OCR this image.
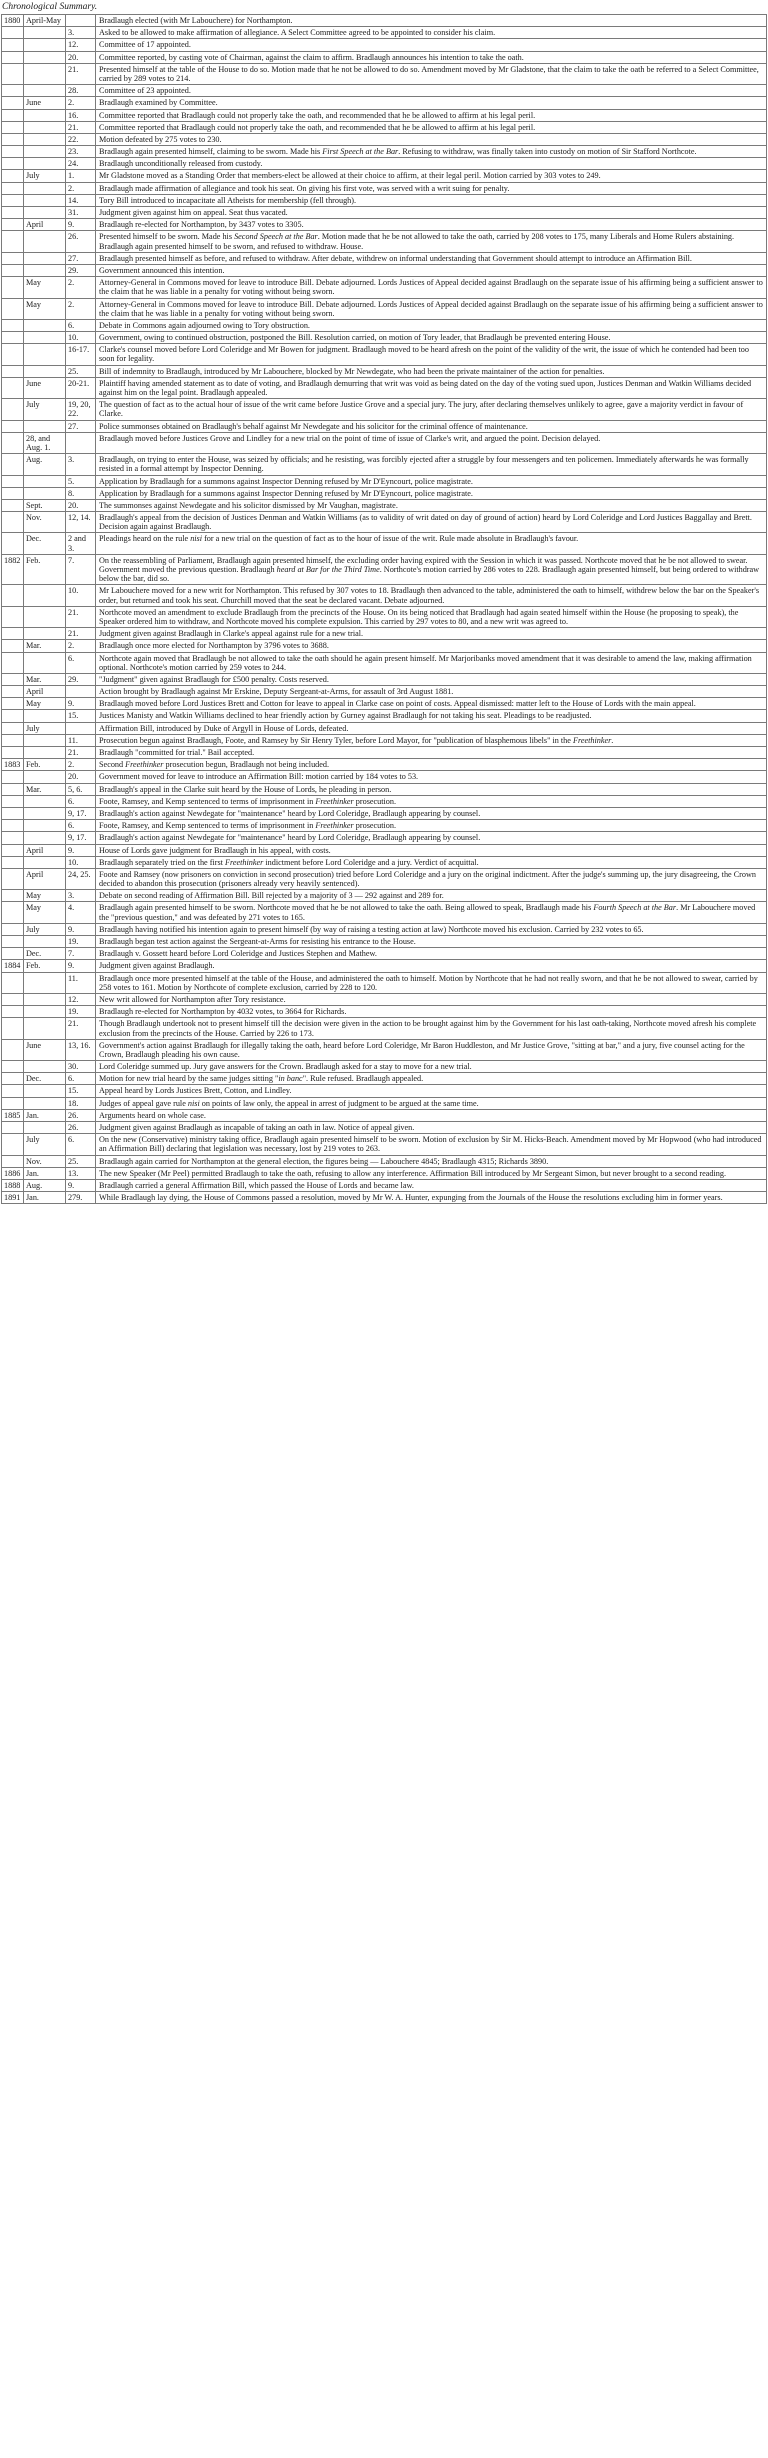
Chronological Summary.
1880	April-May		Bradlaugh elected (with Mr Labouchere) for Northampton.
		3.	Asked to be allowed to make affirmation of allegiance. A Select Committee agreed to be appointed to consider his claim.
		12.	Committee of 17 appointed.
		20.	Committee reported, by casting vote of Chairman, against the claim to affirm. Bradlaugh announces his intention to take the oath.
		21.	Presented himself at the table of the House to do so. Motion made that he not be allowed to do so. Amendment moved by Mr Gladstone, that the claim to take the oath be referred to a Select Committee, carried by 289 votes to 214.
		28.	Committee of 23 appointed.
	June	2.	Bradlaugh examined by Committee.
		16.	Committee reported that Bradlaugh could not properly take the oath, and recommended that he be allowed to affirm at his legal peril.
		21.	Committee reported that Bradlaugh could not properly take the oath, and recommended that he be allowed to affirm at his legal peril.
		22.	Motion defeated by 275 votes to 230.
		23.	Bradlaugh again presented himself, claiming to be sworn. Made his First Speech at the Bar. Refusing to withdraw, was finally taken into custody on motion of Sir Stafford Northcote.
		24.	Bradlaugh unconditionally released from custody.
	July	1.	Mr Gladstone moved as a Standing Order that members-elect be allowed at their choice to affirm, at their legal peril. Motion carried by 303 votes to 249.
		2.	Bradlaugh made affirmation of allegiance and took his seat. On giving his first vote, was served with a writ suing for penalty.
		14.	Tory Bill introduced to incapacitate all Atheists for membership (fell through).
		31.	Judgment given against him on appeal. Seat thus vacated.
	April	9.	Bradlaugh re-elected for Northampton, by 3437 votes to 3305.
		26.	Presented himself to be sworn. Made his Second Speech at the Bar. Motion made that he be not allowed to take the oath, carried by 208 votes to 175, many Liberals and Home Rulers abstaining. Bradlaugh again presented himself to be sworn, and refused to withdraw. House.
		27.	Bradlaugh presented himself as before, and refused to withdraw. After debate, withdrew on informal understanding that Government should attempt to introduce an Affirmation Bill.
		29.	Government announced this intention.
	May	2.	Attorney-General in Commons moved for leave to introduce Bill. Debate adjourned. Lords Justices of Appeal decided against Bradlaugh on the separate issue of his affirming being a sufficient answer to the claim that he was liable in a penalty for voting without being sworn.
	May	2.	Attorney-General in Commons moved for leave to introduce Bill. Debate adjourned. Lords Justices of Appeal decided against Bradlaugh on the separate issue of his affirming being a sufficient answer to the claim that he was liable in a penalty for voting without being sworn.
		6.	Debate in Commons again adjourned owing to Tory obstruction.
		10.	Government, owing to continued obstruction, postponed the Bill. Resolution carried, on motion of Tory leader, that Bradlaugh be prevented entering House.
		16-17.	Clarke's counsel moved before Lord Coleridge and Mr Bowen for judgment. Bradlaugh moved to be heard afresh on the point of the validity of the writ, the issue of which he contended had been too soon for legality.
		25.	Bill of indemnity to Bradlaugh, introduced by Mr Labouchere, blocked by Mr Newdegate, who had been the private maintainer of the action for penalties.
	June	20-21.	Plaintiff having amended statement as to date of voting, and Bradlaugh demurring that writ was void as being dated on the day of the voting sued upon, Justices Denman and Watkin Williams decided against him on the legal point. Bradlaugh appealed.
	July	19, 20, 22.	The question of fact as to the actual hour of issue of the writ came before Justice Grove and a special jury. The jury, after declaring themselves unlikely to agree, gave a majority verdict in favour of Clarke.
		27.	Police summonses obtained on Bradlaugh's behalf against Mr Newdegate and his solicitor for the criminal offence of maintenance.
	28, and Aug. 1.		Bradlaugh moved before Justices Grove and Lindley for a new trial on the point of time of issue of Clarke's writ, and argued the point. Decision delayed.
	Aug.	3.	Bradlaugh, on trying to enter the House, was seized by officials; and he resisting, was forcibly ejected after a struggle by four messengers and ten policemen. Immediately afterwards he was formally resisted in a formal attempt by Inspector Denning.
		5.	Application by Bradlaugh for a summons against Inspector Denning refused by Mr D'Eyncourt, police magistrate.
		8.	Application by Bradlaugh for a summons against Inspector Denning refused by Mr D'Eyncourt, police magistrate.
	Sept.	20.	The summonses against Newdegate and his solicitor dismissed by Mr Vaughan, magistrate.
	Nov.	12, 14.	Bradlaugh's appeal from the decision of Justices Denman and Watkin Williams (as to validity of writ dated on day of ground of action) heard by Lord Coleridge and Lord Justices Baggallay and Brett. Decision again against Bradlaugh.
	Dec.	2 and 3.	Pleadings heard on the rule nisi for a new trial on the question of fact as to the hour of issue of the writ. Rule made absolute in Bradlaugh's favour.
1882	Feb.	7.	On the reassembling of Parliament, Bradlaugh again presented himself, the excluding order having expired with the Session in which it was passed. Northcote moved that he be not allowed to swear. Government moved the previous question. Bradlaugh heard at Bar for the Third Time. Northcote's motion carried by 286 votes to 228. Bradlaugh again presented himself, but being ordered to withdraw below the bar, did so.
		10.	Mr Labouchere moved for a new writ for Northampton. This refused by 307 votes to 18. Bradlaugh then advanced to the table, administered the oath to himself, withdrew below the bar on the Speaker's order, but returned and took his seat. Churchill moved that the seat be declared vacant. Debate adjourned.
		21.	Northcote moved an amendment to exclude Bradlaugh from the precincts of the House. On its being noticed that Bradlaugh had again seated himself within the House (he proposing to speak), the Speaker ordered him to withdraw, and Northcote moved his complete expulsion. This carried by 297 votes to 80, and a new writ was agreed to.
		21.	Judgment given against Bradlaugh in Clarke's appeal against rule for a new trial.
	Mar.	2.	Bradlaugh once more elected for Northampton by 3796 votes to 3688.
		6.	Northcote again moved that Bradlaugh be not allowed to take the oath should he again present himself. Mr Marjoribanks moved amendment that it was desirable to amend the law, making affirmation optional. Northcote's motion carried by 259 votes to 244.
	Mar.	29.	"Judgment" given against Bradlaugh for £500 penalty. Costs reserved.
	April		Action brought by Bradlaugh against Mr Erskine, Deputy Sergeant-at-Arms, for assault of 3rd August 1881.
	May	9.	Bradlaugh moved before Lord Justices Brett and Cotton for leave to appeal in Clarke case on point of costs. Appeal dismissed: matter left to the House of Lords with the main appeal.
		15.	Justices Manisty and Watkin Williams declined to hear friendly action by Gurney against Bradlaugh for not taking his seat. Pleadings to be readjusted.
	July		Affirmation Bill, introduced by Duke of Argyll in House of Lords, defeated.
		11.	Prosecution begun against Bradlaugh, Foote, and Ramsey by Sir Henry Tyler, before Lord Mayor, for "publication of blasphemous libels" in the Freethinker.
		21.	Bradlaugh "committed for trial." Bail accepted.
1883	Feb.	2.	Second Freethinker prosecution begun, Bradlaugh not being included.
		20.	Government moved for leave to introduce an Affirmation Bill: motion carried by 184 votes to 53.
	Mar.	5, 6.	Bradlaugh's appeal in the Clarke suit heard by the House of Lords, he pleading in person.
		6.	Foote, Ramsey, and Kemp sentenced to terms of imprisonment in Freethinker prosecution.
		9, 17.	Bradlaugh's action against Newdegate for "maintenance" heard by Lord Coleridge, Bradlaugh appearing by counsel.
		6.	Foote, Ramsey, and Kemp sentenced to terms of imprisonment in Freethinker prosecution.
		9, 17.	Bradlaugh's action against Newdegate for "maintenance" heard by Lord Coleridge, Bradlaugh appearing by counsel.
	April	9.	House of Lords gave judgment for Bradlaugh in his appeal, with costs.
		10.	Bradlaugh separately tried on the first Freethinker indictment before Lord Coleridge and a jury. Verdict of acquittal.
	April	24, 25.	Foote and Ramsey (now prisoners on conviction in second prosecution) tried before Lord Coleridge and a jury on the original indictment. After the judge's summing up, the jury disagreeing, the Crown decided to abandon this prosecution (prisoners already very heavily sentenced).
	May	3.	Debate on second reading of Affirmation Bill. Bill rejected by a majority of 3 — 292 against and 289 for.
	May	4.	Bradlaugh again presented himself to be sworn. Northcote moved that he be not allowed to take the oath. Being allowed to speak, Bradlaugh made his Fourth Speech at the Bar. Mr Labouchere moved the "previous question," and was defeated by 271 votes to 165.
	July	9.	Bradlaugh having notified his intention again to present himself (by way of raising a testing action at law) Northcote moved his exclusion. Carried by 232 votes to 65.
		19.	Bradlaugh began test action against the Sergeant-at-Arms for resisting his entrance to the House.
	Dec.	7.	Bradlaugh v. Gossett heard before Lord Coleridge and Justices Stephen and Mathew.
1884	Feb.	9.	Judgment given against Bradlaugh.
		11.	Bradlaugh once more presented himself at the table of the House, and administered the oath to himself. Motion by Northcote that he had not really sworn, and that he be not allowed to swear, carried by 258 votes to 161. Motion by Northcote of complete exclusion, carried by 228 to 120.
		12.	New writ allowed for Northampton after Tory resistance.
		19.	Bradlaugh re-elected for Northampton by 4032 votes, to 3664 for Richards.
		21.	Though Bradlaugh undertook not to present himself till the decision were given in the action to be brought against him by the Government for his last oath-taking, Northcote moved afresh his complete exclusion from the precincts of the House. Carried by 226 to 173.
	June	13, 16.	Government's action against Bradlaugh for illegally taking the oath, heard before Lord Coleridge, Mr Baron Huddleston, and Mr Justice Grove, "sitting at bar," and a jury, five counsel acting for the Crown, Bradlaugh pleading his own cause.
		30.	Lord Coleridge summed up. Jury gave answers for the Crown. Bradlaugh asked for a stay to move for a new trial.
	Dec.	6.	Motion for new trial heard by the same judges sitting "in banc". Rule refused. Bradlaugh appealed.
		15.	Appeal heard by Lords Justices Brett, Cotton, and Lindley.
		18.	Judges of appeal gave rule nisi on points of law only, the appeal in arrest of judgment to be argued at the same time.
1885	Jan.	26.	Arguments heard on whole case.
		26.	Judgment given against Bradlaugh as incapable of taking an oath in law. Notice of appeal given.
	July	6.	On the new (Conservative) ministry taking office, Bradlaugh again presented himself to be sworn. Motion of exclusion by Sir M. Hicks-Beach. Amendment moved by Mr Hopwood (who had introduced an Affirmation Bill) declaring that legislation was necessary, lost by 219 votes to 263.
	Nov.	25.	Bradlaugh again carried for Northampton at the general election, the figures being — Labouchere 4845; Bradlaugh 4315; Richards 3890.
1886	Jan.	13.	The new Speaker (Mr Peel) permitted Bradlaugh to take the oath, refusing to allow any interference. Affirmation Bill introduced by Mr Sergeant Simon, but never brought to a second reading.
1888	Aug.	9.	Bradlaugh carried a general Affirmation Bill, which passed the House of Lords and became law.
1891	Jan.	279.	While Bradlaugh lay dying, the House of Commons passed a resolution, moved by Mr W. A. Hunter, expunging from the Journals of the House the resolutions excluding him in former years.
